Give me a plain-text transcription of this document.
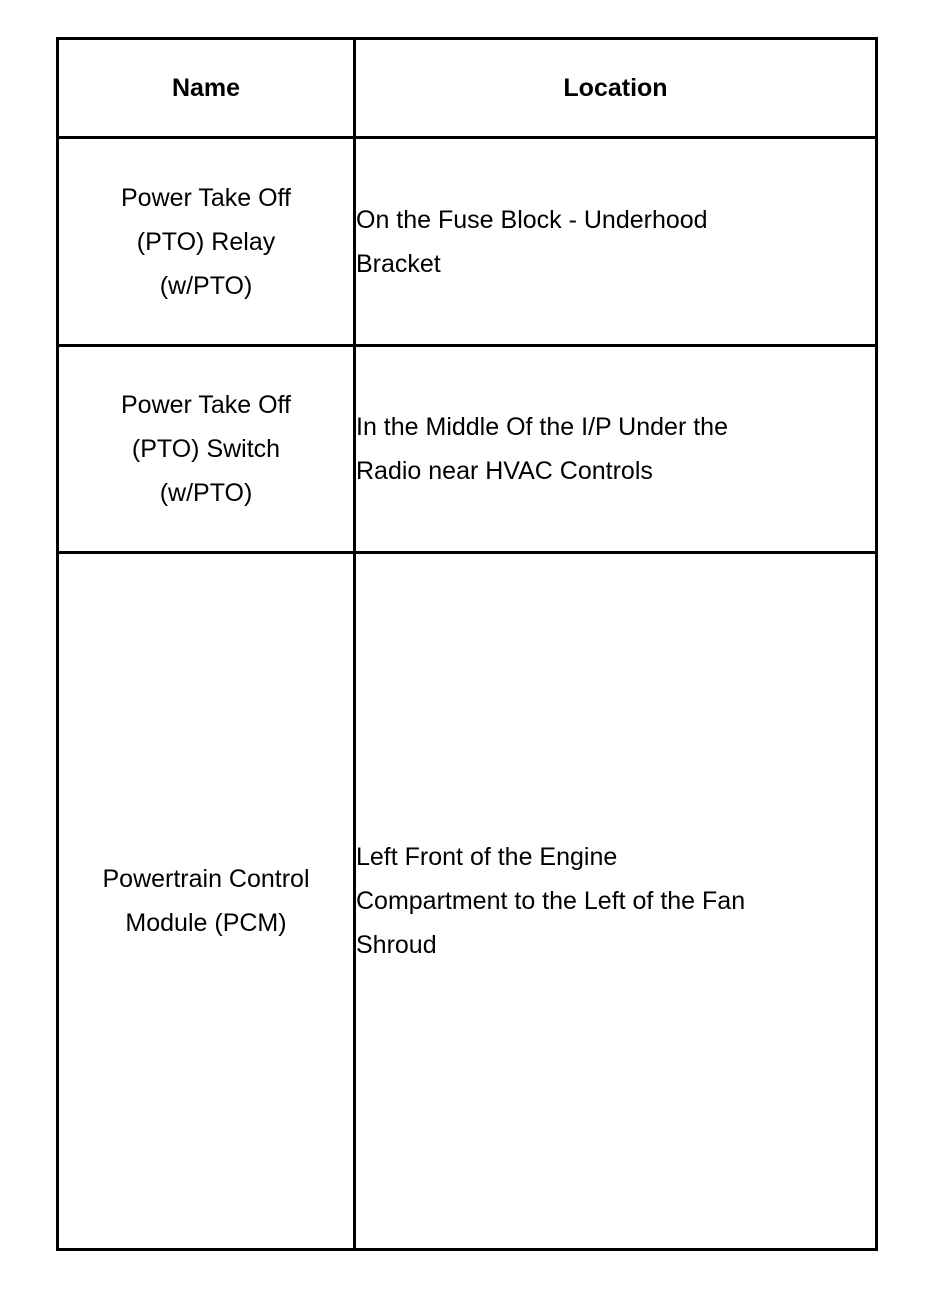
Name	Location

Power Take Off
(PTO) Relay
(w/PTO)	On the Fuse Block - Underhood
Bracket

Power Take Off
(PTO) Switch
(w/PTO)	In the Middle Of the I/P Under the
Radio near HVAC Controls

Powertrain Control
Module (PCM)	Left Front of the Engine
Compartment to the Left of the Fan
Shroud
